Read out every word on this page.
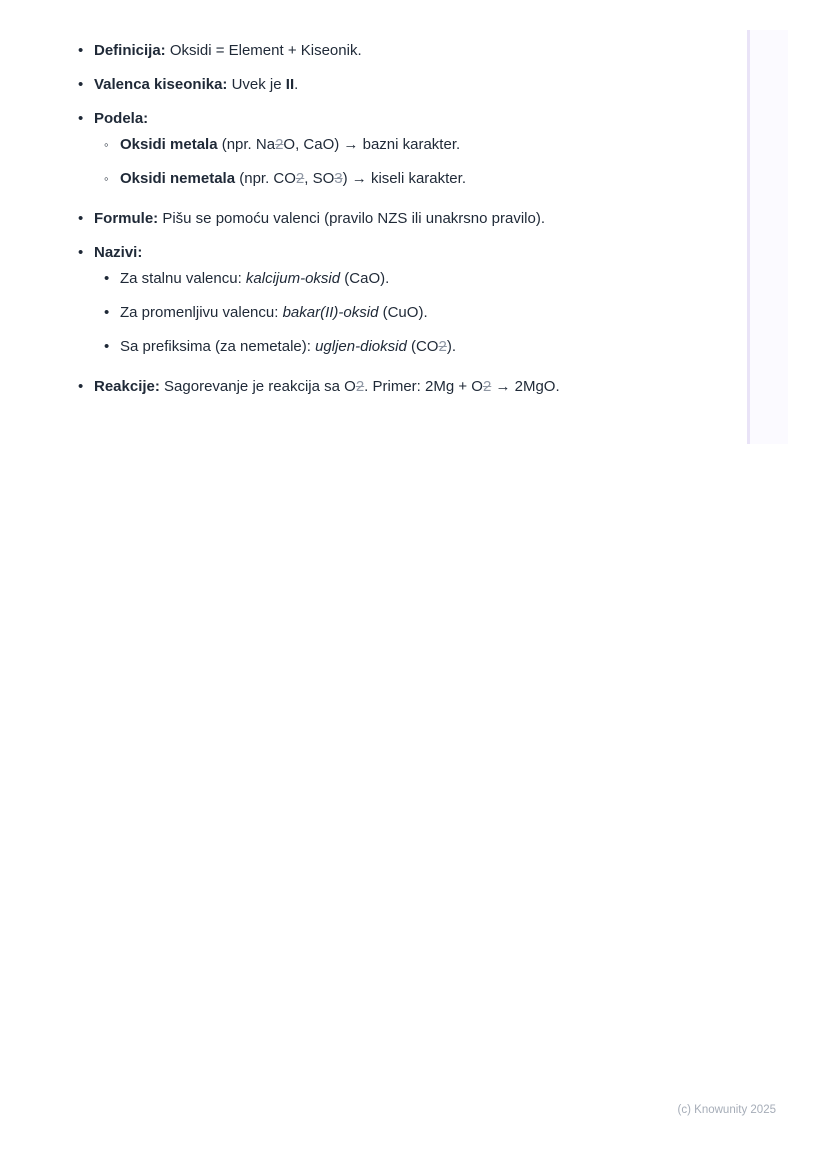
• Definicija: Oksidi = Element + Kiseonik.
• Valenca kiseonika: Uvek je II.
• Podela:
◦ Oksidi metala (npr. Na2O, CaO) → bazni karakter.
◦ Oksidi nemetala (npr. CO2, SO3) → kiseli karakter.
• Formule: Pišu se pomoću valenci (pravilo NZS ili unakrsno pravilo).
• Nazivi:
• Za stalnu valencu: kalcijum-oksid (CaO).
• Za promenljivu valencu: bakar(II)-oksid (CuO).
• Sa prefiksima (za nemetale): ugljen-dioksid (CO2).
• Reakcije: Sagorevanje je reakcija sa O2. Primer: 2Mg + O2 → 2MgO.
(c) Knowunity 2025
